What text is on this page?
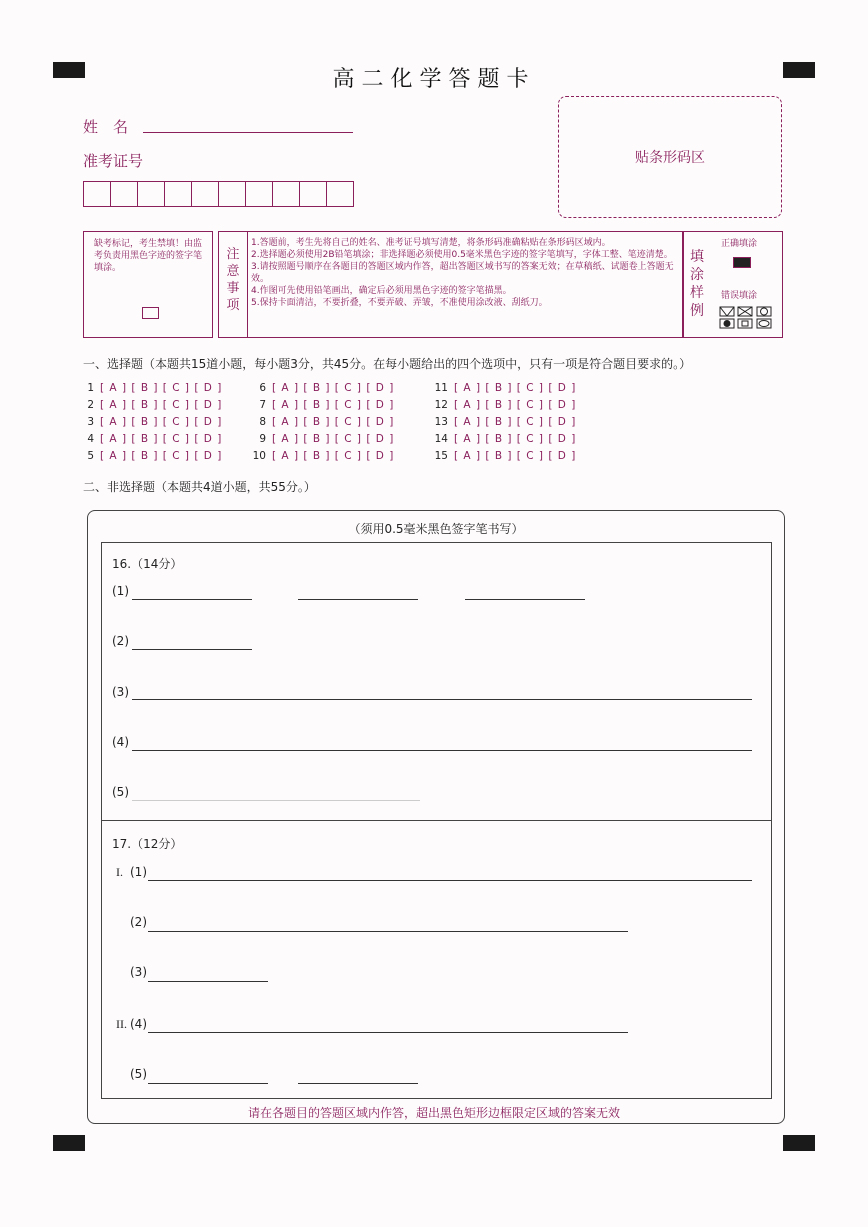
高二化学答题卡
姓　名
准考证号	贴条形码区
缺考标记，考生禁填！由监考负责用黑色字迹的签字笔填涂。
注
意
事
项
1.答题前，考生先将自己的姓名、准考证号填写清楚，将条形码准确粘贴在条形码区域内。
2.选择题必须使用2B铅笔填涂；非选择题必须使用0.5毫米黑色字迹的签字笔填写，字体工整、笔迹清楚。
3.请按照题号顺序在各题目的答题区域内作答，超出答题区域书写的答案无效；在草稿纸、试题卷上答题无效。
4.作图可先使用铅笔画出，确定后必须用黑色字迹的签字笔描黑。
5.保持卡面清洁，不要折叠，不要弄破、弄皱，不准使用涂改液、刮纸刀。
填
涂
样
例
正确填涂
错误填涂
一、选择题（本题共15道小题，每小题3分，共45分。在每小题给出的四个选项中，只有一项是符合题目要求的。）
1 [ A ] [ B ] [ C ] [ D ]
2 [ A ] [ B ] [ C ] [ D ]
3 [ A ] [ B ] [ C ] [ D ]
4 [ A ] [ B ] [ C ] [ D ]
5 [ A ] [ B ] [ C ] [ D ]
6 [ A ] [ B ] [ C ] [ D ]
7 [ A ] [ B ] [ C ] [ D ]
8 [ A ] [ B ] [ C ] [ D ]
9 [ A ] [ B ] [ C ] [ D ]
10 [ A ] [ B ] [ C ] [ D ]
11 [ A ] [ B ] [ C ] [ D ]
12 [ A ] [ B ] [ C ] [ D ]
13 [ A ] [ B ] [ C ] [ D ]
14 [ A ] [ B ] [ C ] [ D ]
15 [ A ] [ B ] [ C ] [ D ]
二、非选择题（本题共4道小题，共55分。）
（须用0.5毫米黑色签字笔书写）
16.（14分）
(1)
(2)
(3)
(4)
(5)
17.（12分）
I. (1)
(2)
(3)
II. (4)
(5)
请在各题目的答题区域内作答，超出黑色矩形边框限定区域的答案无效
